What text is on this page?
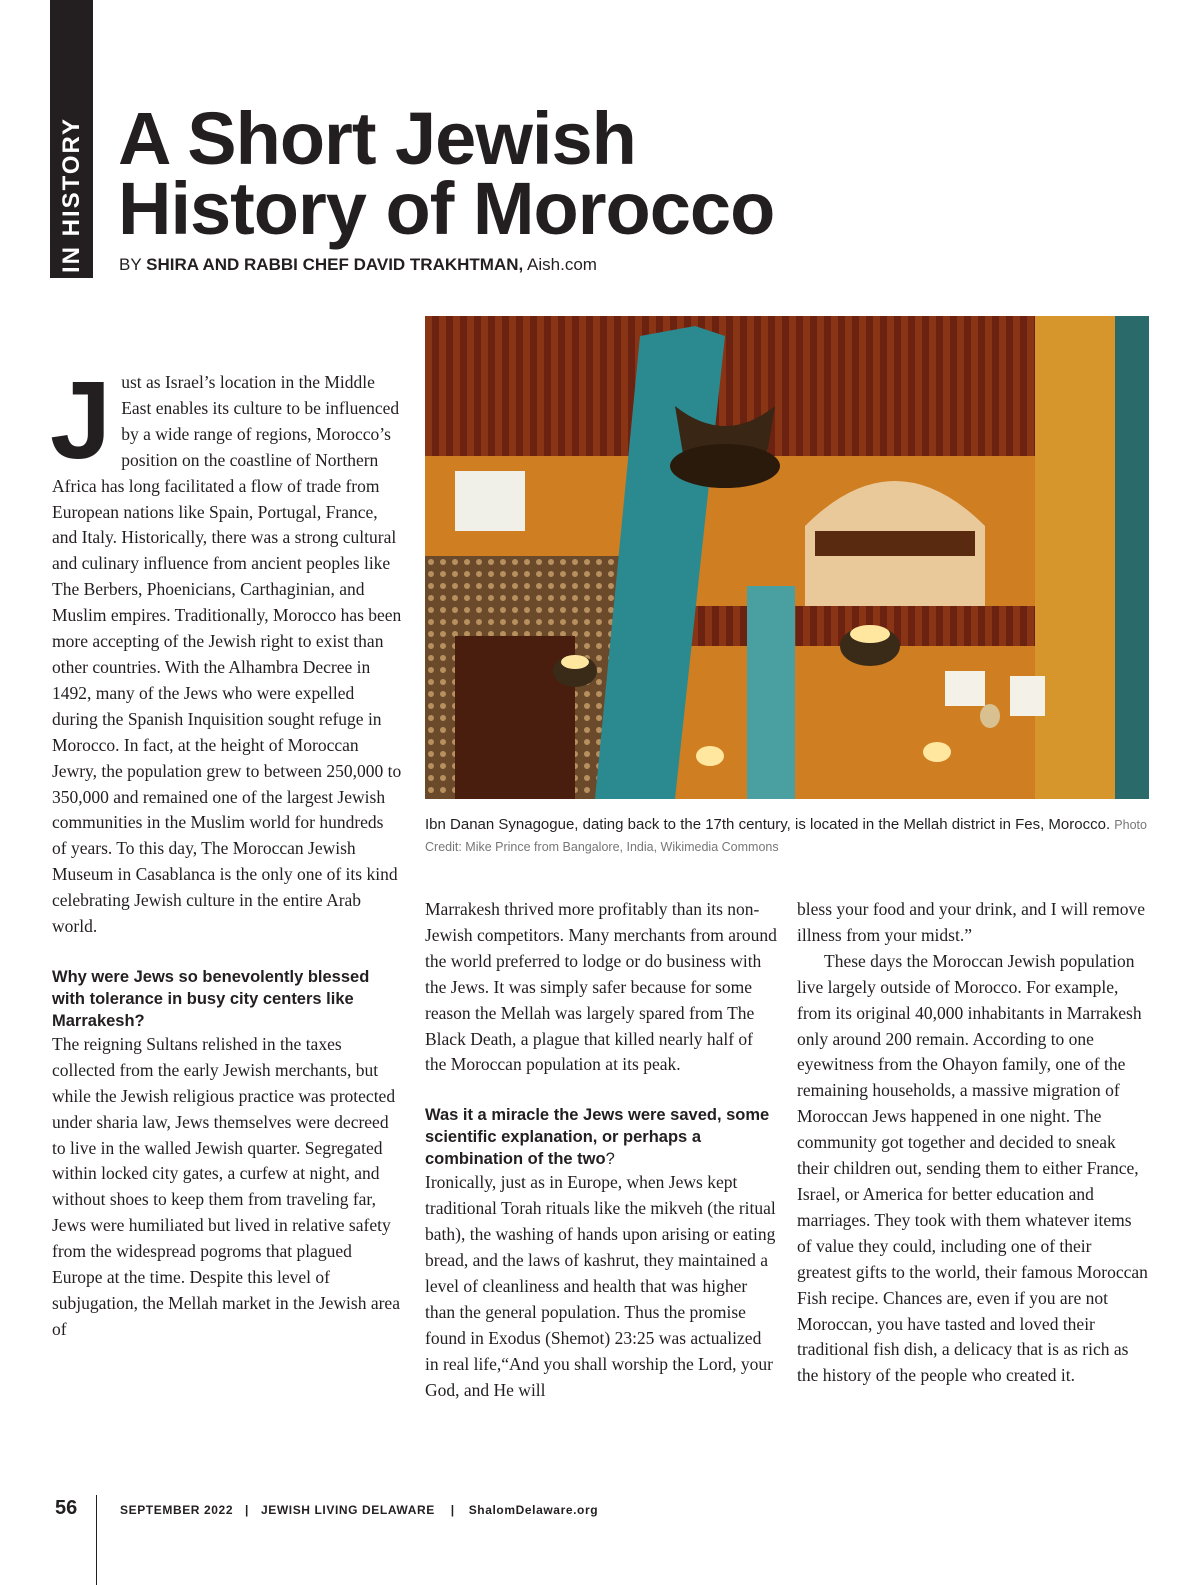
IN HISTORY A Short Jewish
History of Morocco
BY SHIRA AND RABBI CHEF DAVID TRAKHTMAN, Aish.com
Ibn Danan Synagogue, dating back to the 17th century, is located in the Mellah district in Fes, Morocco. Photo Credit: Mike Prince from Bangalore, India, Wikimedia Commons

Just as Israel’s location in the Middle East enables its culture to be influenced by a wide range of regions, Morocco’s position on the coastline of Northern Africa has long facilitated a flow of trade from European nations like Spain, Portugal, France, and Italy. Historically, there was a strong cultural and culinary influence from ancient peoples like The Berbers, Phoenicians, Carthaginian, and Muslim empires. Traditionally, Morocco has been more accepting of the Jewish right to exist than other countries. With the Alhambra Decree in 1492, many of the Jews who were expelled during the Spanish Inquisition sought refuge in Morocco. In fact, at the height of Moroccan Jewry, the population grew to between 250,000 to 350,000 and remained one of the largest Jewish communities in the Muslim world for hundreds of years. To this day, The Moroccan Jewish Museum in Casablanca is the only one of its kind celebrating Jewish culture in the entire Arab world.

Why were Jews so benevolently blessed with tolerance in busy city centers like Marrakesh?

The reigning Sultans relished in the taxes collected from the early Jewish merchants, but while the Jewish religious practice was protected under sharia law, Jews themselves were decreed to live in the walled Jewish quarter. Segregated within locked city gates, a curfew at night, and without shoes to keep them from traveling far, Jews were humiliated but lived in relative safety from the widespread pogroms that plagued Europe at the time. Despite this level of subjugation, the Mellah market in the Jewish area of

Marrakesh thrived more profitably than its non-Jewish competitors. Many merchants from around the world preferred to lodge or do business with the Jews. It was simply safer because for some reason the Mellah was largely spared from The Black Death, a plague that killed nearly half of the Moroccan population at its peak.

Was it a miracle the Jews were saved, some scientific explanation, or perhaps a combination of the two?

Ironically, just as in Europe, when Jews kept traditional Torah rituals like the mikveh (the ritual bath), the washing of hands upon arising or eating bread, and the laws of kashrut, they maintained a level of cleanliness and health that was higher than the general population. Thus the promise found in Exodus (Shemot) 23:25 was actualized in real life,“And you shall worship the Lord, your God, and He will

bless your food and your drink, and I will remove illness from your midst.”

These days the Moroccan Jewish population live largely outside of Morocco. For example, from its original 40,000 inhabitants in Marrakesh only around 200 remain. According to one eyewitness from the Ohayon family, one of the remaining households, a massive migration of Moroccan Jews happened in one night. The community got together and decided to sneak their children out, sending them to either France, Israel, or America for better education and marriages. They took with them whatever items of value they could, including one of their greatest gifts to the world, their famous Moroccan Fish recipe. Chances are, even if you are not Moroccan, you have tasted and loved their traditional fish dish, a delicacy that is as rich as the history of the people who created it.

56	SEPTEMBER 2022 | JEWISH LIVING DELAWARE | ShalomDelaware.org
